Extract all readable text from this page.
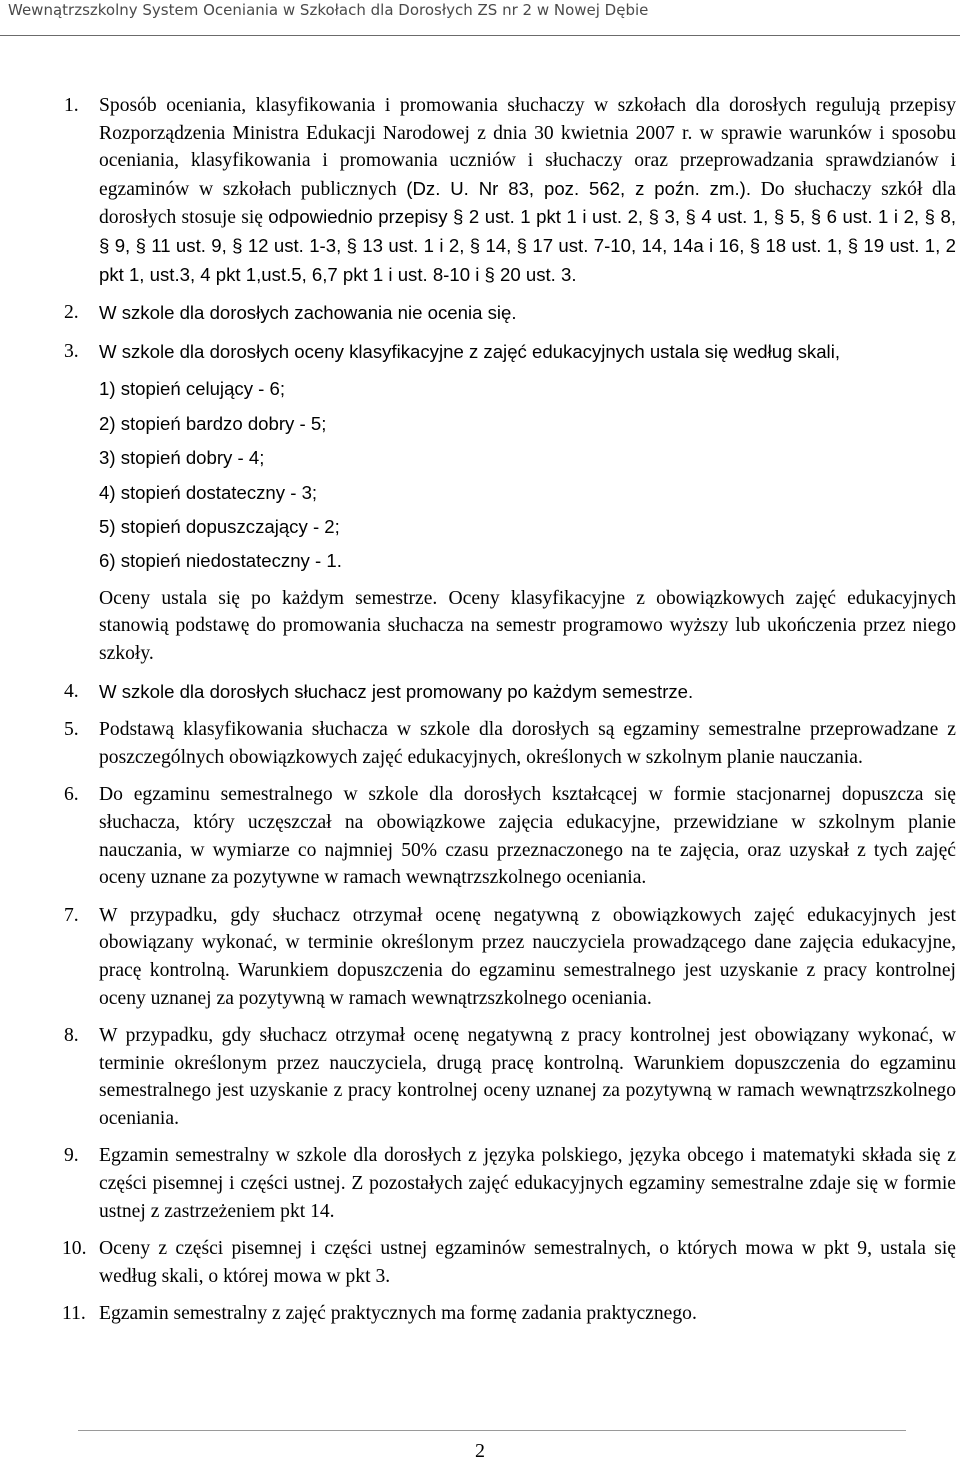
Wewnątrzszkolny System Oceniania w Szkołach dla Dorosłych ZS nr 2 w Nowej Dębie
1. Sposób oceniania, klasyfikowania i promowania słuchaczy w szkołach dla dorosłych regulują przepisy Rozporządzenia Ministra Edukacji Narodowej z dnia 30 kwietnia 2007 r. w sprawie warunków i sposobu oceniania, klasyfikowania i promowania uczniów i słuchaczy oraz przeprowadzania sprawdzianów i egzaminów w szkołach publicznych (Dz. U. Nr 83, poz. 562, z poźn. zm.). Do słuchaczy szkół dla dorosłych stosuje się odpowiednio przepisy § 2 ust. 1 pkt 1 i ust. 2, § 3, § 4 ust. 1, § 5, § 6 ust. 1 i 2, § 8, § 9, § 11 ust. 9, § 12 ust. 1-3, § 13 ust. 1 i 2, § 14, § 17 ust. 7-10, 14, 14a i 16, § 18 ust. 1, § 19 ust. 1, 2 pkt 1, ust.3, 4 pkt 1,ust.5, 6,7 pkt 1 i ust. 8-10 i § 20 ust. 3.
2. W szkole dla dorosłych zachowania nie ocenia się.
3. W szkole dla dorosłych oceny klasyfikacyjne z zajęć edukacyjnych ustala się według skali,
1) stopień celujący - 6;
2) stopień bardzo dobry - 5;
3) stopień dobry - 4;
4) stopień dostateczny - 3;
5) stopień dopuszczający - 2;
6) stopień niedostateczny - 1.
Oceny ustala się po każdym semestrze. Oceny klasyfikacyjne z obowiązkowych zajęć edukacyjnych stanowią podstawę do promowania słuchacza na semestr programowo wyższy lub ukończenia przez niego szkoły.
4. W szkole dla dorosłych słuchacz jest promowany po każdym semestrze.
5. Podstawą klasyfikowania słuchacza w szkole dla dorosłych są egzaminy semestralne przeprowadzane z poszczególnych obowiązkowych zajęć edukacyjnych, określonych w szkolnym planie nauczania.
6. Do egzaminu semestralnego w szkole dla dorosłych kształcącej w formie stacjonarnej dopuszcza się słuchacza, który uczęszczał na obowiązkowe zajęcia edukacyjne, przewidziane w szkolnym planie nauczania, w wymiarze co najmniej 50% czasu przeznaczonego na te zajęcia, oraz uzyskał z tych zajęć oceny uznane za pozytywne w ramach wewnątrzszkolnego oceniania.
7. W przypadku, gdy słuchacz otrzymał ocenę negatywną z obowiązkowych zajęć edukacyjnych jest obowiązany wykonać, w terminie określonym przez nauczyciela prowadzącego dane zajęcia edukacyjne, pracę kontrolną. Warunkiem dopuszczenia do egzaminu semestralnego jest uzyskanie z pracy kontrolnej oceny uznanej za pozytywną w ramach wewnątrzszkolnego oceniania.
8. W przypadku, gdy słuchacz otrzymał ocenę negatywną z pracy kontrolnej jest obowiązany wykonać, w terminie określonym przez nauczyciela, drugą pracę kontrolną. Warunkiem dopuszczenia do egzaminu semestralnego jest uzyskanie z pracy kontrolnej oceny uznanej za pozytywną w ramach wewnątrzszkolnego oceniania.
9. Egzamin semestralny w szkole dla dorosłych z języka polskiego, języka obcego i matematyki składa się z części pisemnej i części ustnej. Z pozostałych zajęć edukacyjnych egzaminy semestralne zdaje się w formie ustnej z zastrzeżeniem pkt 14.
10. Oceny z części pisemnej i części ustnej egzaminów semestralnych, o których mowa w pkt 9, ustala się według skali, o której mowa w pkt 3.
11. Egzamin semestralny z zajęć praktycznych ma formę zadania praktycznego.
2
